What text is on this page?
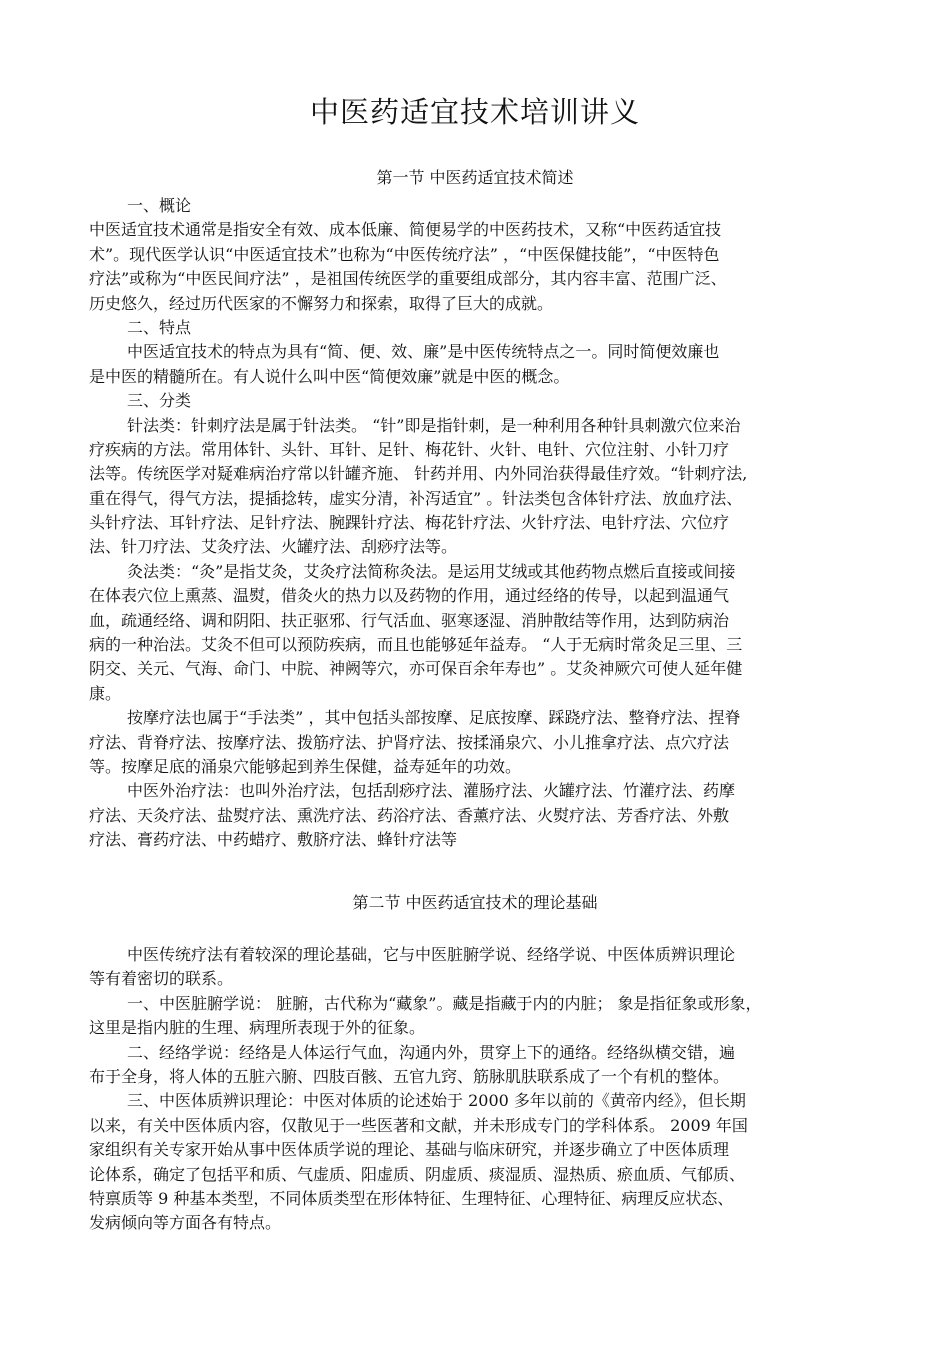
中医药适宜技术培训讲义
第一节 中医药适宜技术简述
一、概论
中医适宜技术通常是指安全有效、成本低廉、简便易学的中医药技术，又称“中医药适宜技
术”。现代医学认识“中医适宜技术”也称为“中医传统疗法” ，“中医保健技能”，“中医特色
疗法”或称为“中医民间疗法” ，是祖国传统医学的重要组成部分，其内容丰富、范围广泛、
历史悠久，经过历代医家的不懈努力和探索，取得了巨大的成就。
二、特点
中医适宜技术的特点为具有“简、便、效、廉”是中医传统特点之一。同时简便效廉也
是中医的精髓所在。有人说什么叫中医“简便效廉”就是中医的概念。
三、分类
针法类：针刺疗法是属于针法类。 “针”即是指针刺，是一种利用各种针具刺激穴位来治
疗疾病的方法。常用体针、头针、耳针、足针、梅花针、火针、电针、穴位注射、小针刀疗
法等。传统医学对疑难病治疗常以针罐齐施、 针药并用、内外同治获得最佳疗效。“针刺疗法,
重在得气，得气方法，提插捻转，虚实分清，补泻适宜” 。针法类包含体针疗法、放血疗法、
头针疗法、耳针疗法、足针疗法、腕踝针疗法、梅花针疗法、火针疗法、电针疗法、穴位疗
法、针刀疗法、艾灸疗法、火罐疗法、刮痧疗法等。
灸法类：“灸”是指艾灸，艾灸疗法简称灸法。是运用艾绒或其他药物点燃后直接或间接
在体表穴位上熏蒸、温熨，借灸火的热力以及药物的作用，通过经络的传导，以起到温通气
血，疏通经络、调和阴阳、扶正驱邪、行气活血、驱寒逐湿、消肿散结等作用，达到防病治
病的一种治法。艾灸不但可以预防疾病，而且也能够延年益寿。 “人于无病时常灸足三里、三
阴交、关元、气海、命门、中脘、神阙等穴，亦可保百余年寿也” 。艾灸神厥穴可使人延年健
康。
按摩疗法也属于“手法类” ，其中包括头部按摩、足底按摩、踩跷疗法、整脊疗法、捏脊
疗法、背脊疗法、按摩疗法、拨筋疗法、护肾疗法、按揉涌泉穴、小儿推拿疗法、点穴疗法
等。按摩足底的涌泉穴能够起到养生保健，益寿延年的功效。
中医外治疗法：也叫外治疗法，包括刮痧疗法、灌肠疗法、火罐疗法、竹灌疗法、药摩
疗法、天灸疗法、盐熨疗法、熏洗疗法、药浴疗法、香薰疗法、火熨疗法、芳香疗法、外敷
疗法、膏药疗法、中药蜡疗、敷脐疗法、蜂针疗法等
第二节 中医药适宜技术的理论基础
中医传统疗法有着较深的理论基础，它与中医脏腑学说、经络学说、中医体质辨识理论
等有着密切的联系。
一、中医脏腑学说： 脏腑，古代称为“藏象”。藏是指藏于内的内脏； 象是指征象或形象，
这里是指内脏的生理、病理所表现于外的征象。
二、经络学说：经络是人体运行气血，沟通内外，贯穿上下的通络。经络纵横交错，遍
布于全身，将人体的五脏六腑、四肢百骸、五官九窍、筋脉肌肤联系成了一个有机的整体。
三、中医体质辨识理论：中医对体质的论述始于 2000 多年以前的《黄帝内经》，但长期
以来，有关中医体质内容，仅散见于一些医著和文献，并未形成专门的学科体系。 2009 年国
家组织有关专家开始从事中医体质学说的理论、基础与临床研究，并逐步确立了中医体质理
论体系，确定了包括平和质、气虚质、阳虚质、阴虚质、痰湿质、湿热质、瘀血质、气郁质、
特禀质等 9 种基本类型，不同体质类型在形体特征、生理特征、心理特征、病理反应状态、
发病倾向等方面各有特点。
